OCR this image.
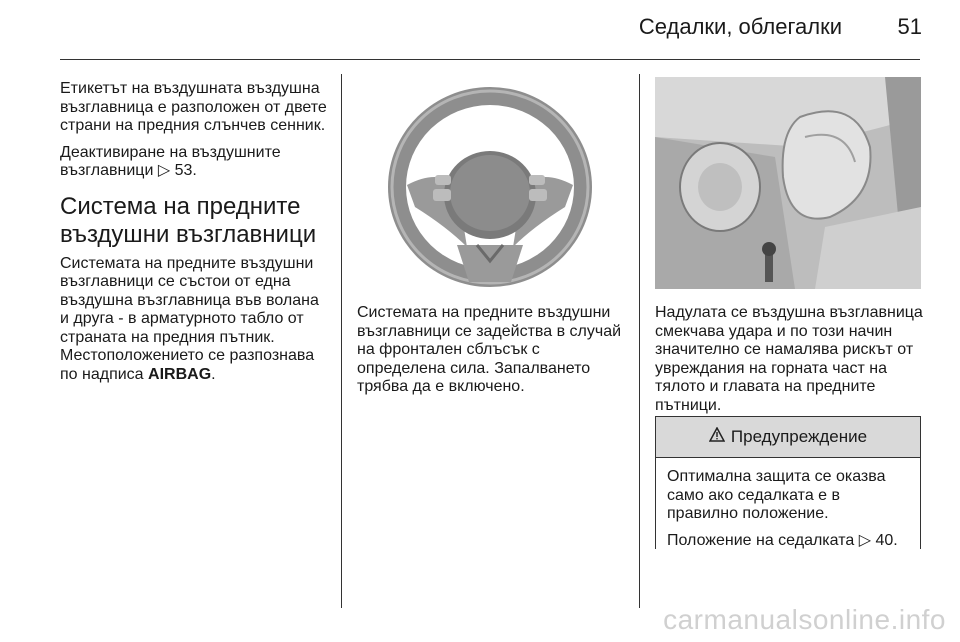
Седалки, облегалки	51

Етикетът на въздушната въздушна възглавница е разположен от двете страни на предния слънчев сенник.

Деактивиране на въздушните възглавници ▷ 53.

Система на предните
въздушни възглавници

Системата на предните въздушни възглавници се състои от една въздушна възглавница във волана и друга - в арматурното табло от страната на предния пътник. Местоположението се разпознава по надписа AIRBAG.

Системата на предните въздушни възглавници се задейства в случай на фронтален сблъсък с определена сила. Запалването трябва да е включено.

Надулата се въздушна възглавница смекчава удара и по този начин значително се намалява рискът от увреждания на горната част на тялото и главата на предните пътници.

Предупреждение

Оптимална защита се оказва само ако седалката е в правилно положение.

Положение на седалката ▷ 40.

carmanualsonline.info
